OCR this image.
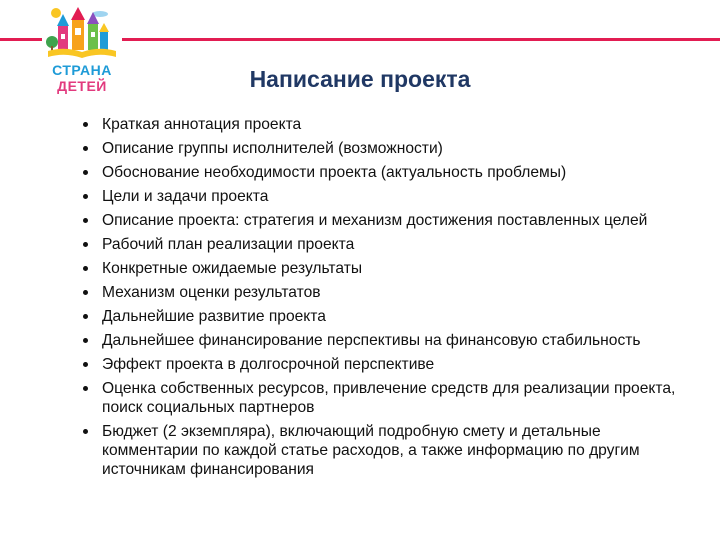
СТРАНА
ДЕТЕЙ	Написание проекта
Краткая аннотация проекта
Описание группы исполнителей (возможности)
Обоснование необходимости проекта (актуальность проблемы)
Цели и задачи проекта
Описание проекта: стратегия и механизм достижения поставленных целей
Рабочий план реализации проекта
Конкретные ожидаемые результаты
Механизм оценки результатов
Дальнейшие развитие проекта
Дальнейшее финансирование перспективы на финансовую стабильность
Эффект проекта в долгосрочной перспективе
Оценка собственных ресурсов, привлечение средств для реализации проекта, поиск социальных партнеров
Бюджет (2 экземпляра), включающий подробную смету и детальные комментарии по каждой статье расходов, а также информацию по другим источникам финансирования
